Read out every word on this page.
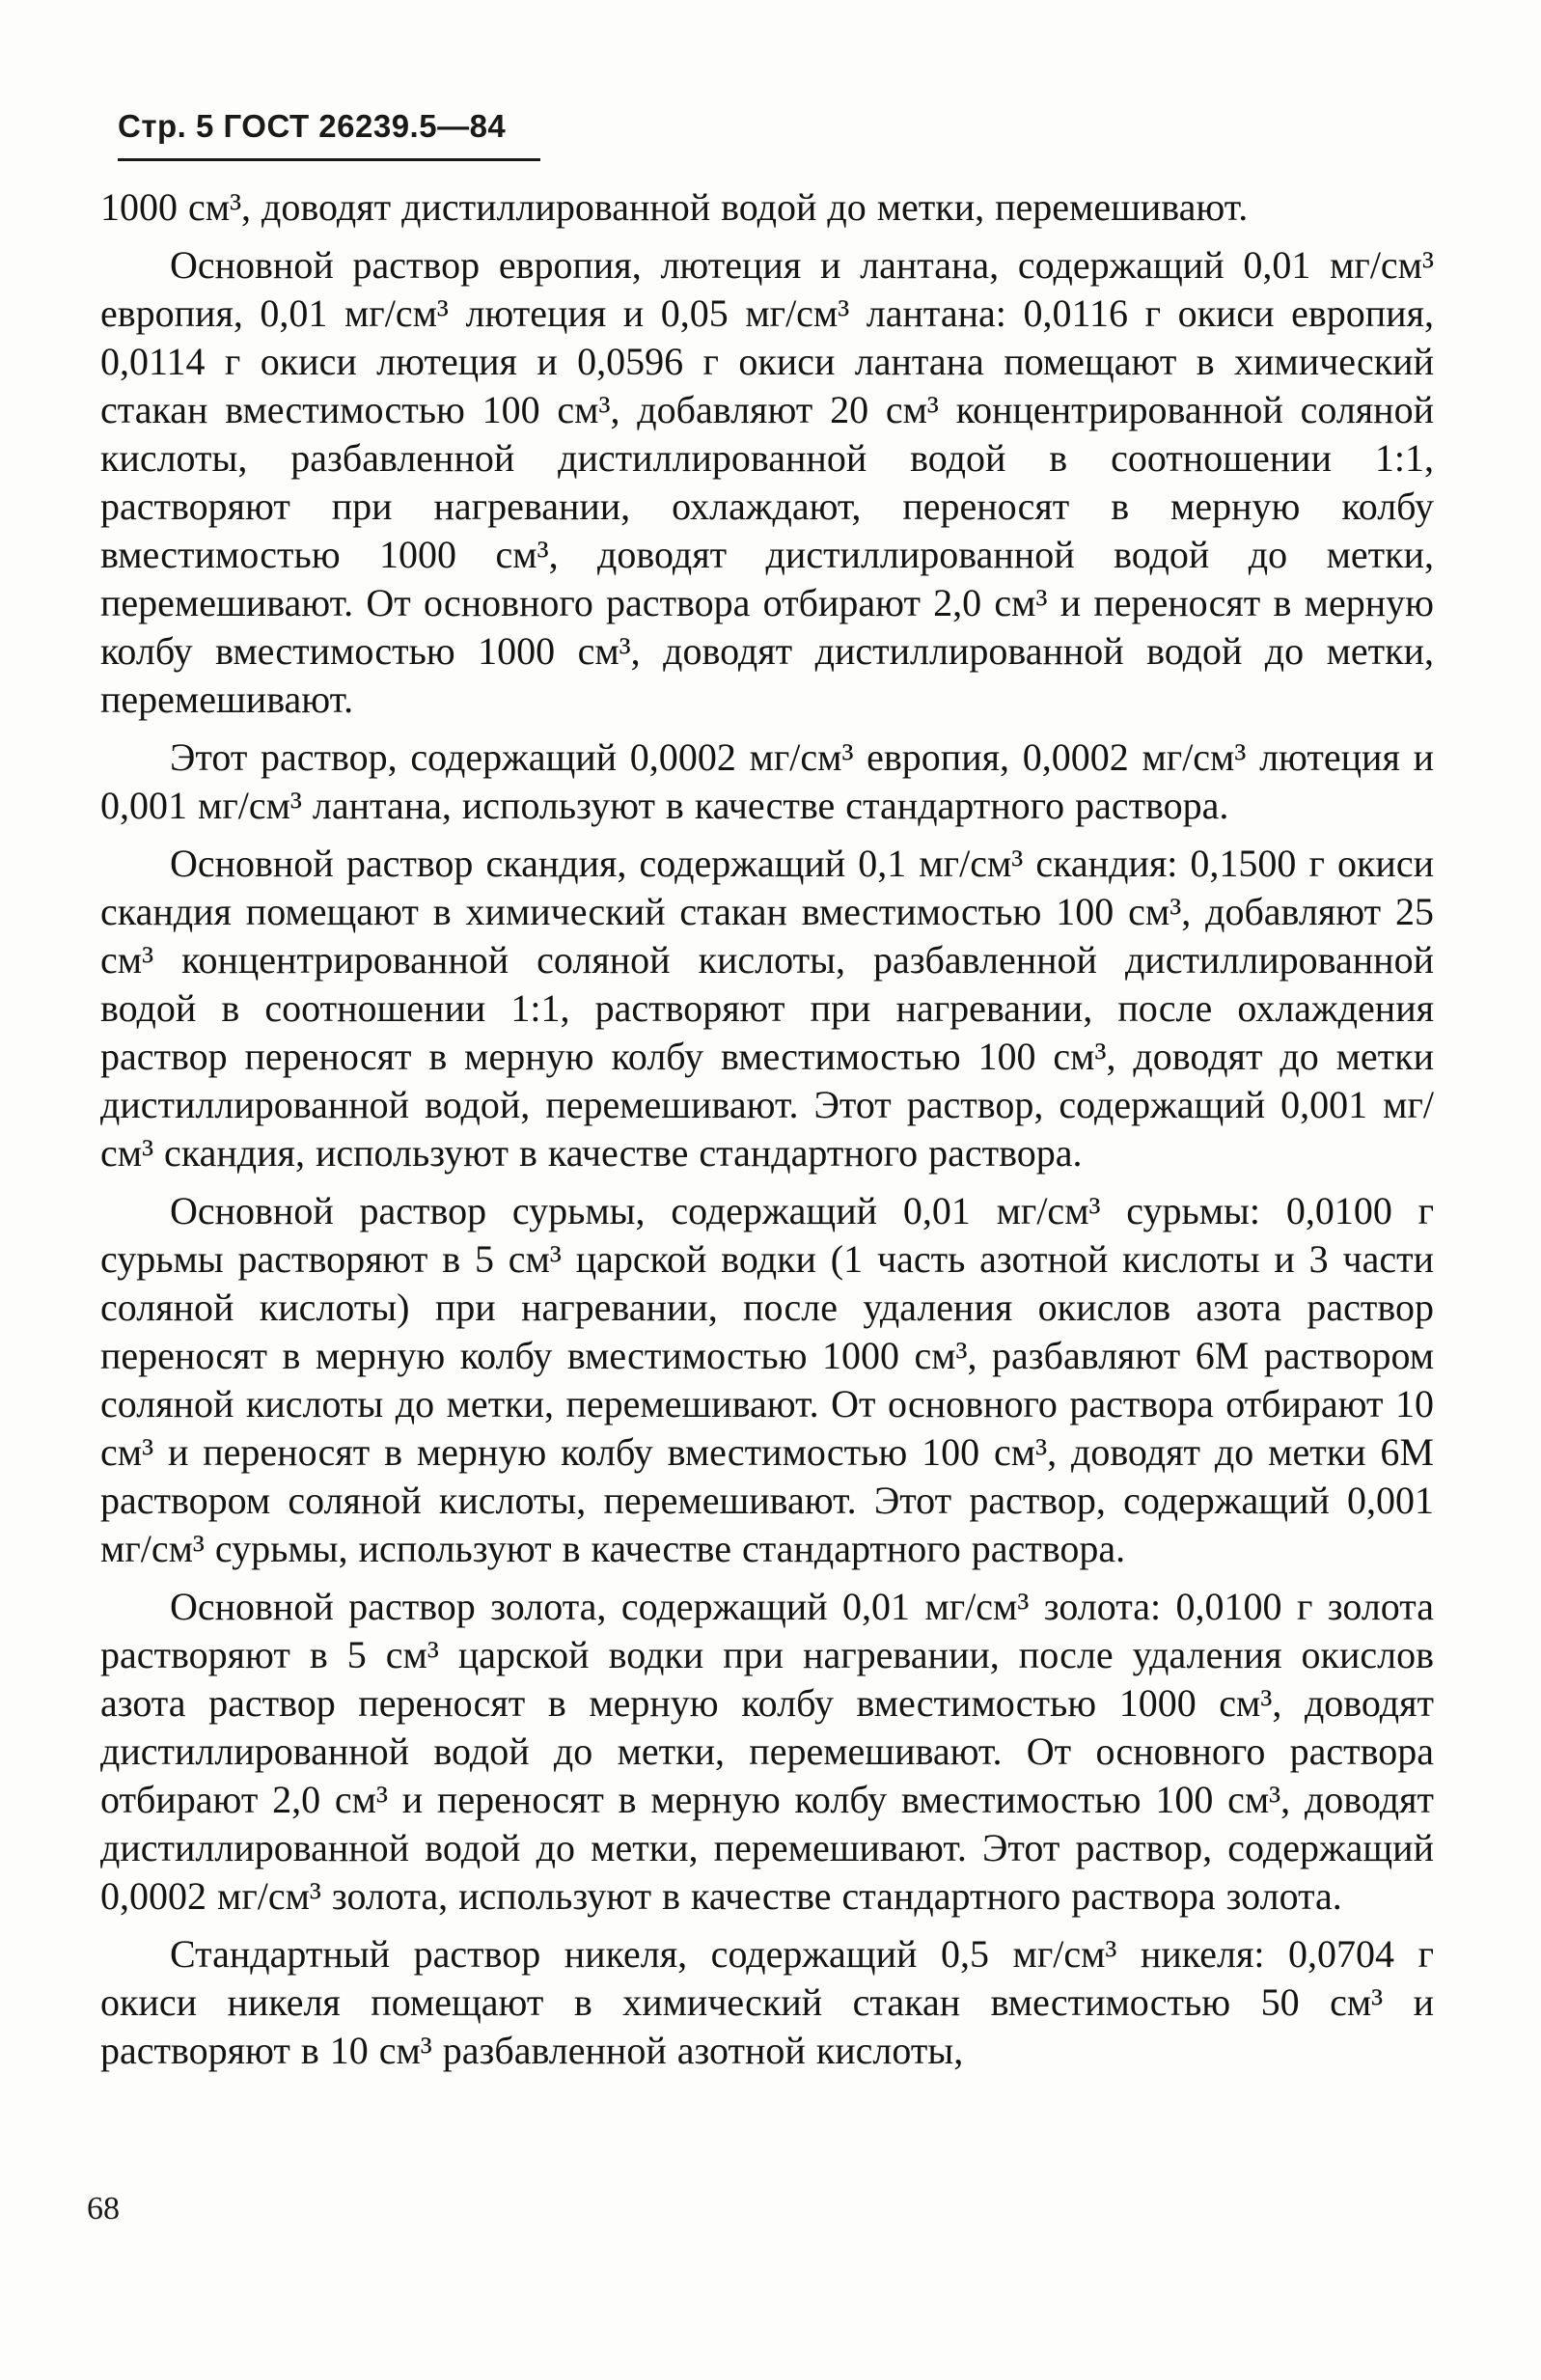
Стр. 5 ГОСТ 26239.5—84

1000 см³, доводят дистиллированной водой до метки, перемешивают.

Основной раствор европия, лютеция и лантана, содержащий 0,01 мг/см³ европия, 0,01 мг/см³ лютеция и 0,05 мг/см³ лантана: 0,0116 г окиси европия, 0,0114 г окиси лютеция и 0,0596 г окиси лантана помещают в химический стакан вместимостью 100 см³, добавляют 20 см³ концентрированной соляной кислоты, разбавленной дистиллированной водой в соотношении 1:1, растворяют при нагревании, охлаждают, переносят в мерную колбу вместимостью 1000 см³, доводят дистиллированной водой до метки, перемешивают. От основного раствора отбирают 2,0 см³ и переносят в мерную колбу вместимостью 1000 см³, доводят дистиллированной водой до метки, перемешивают.

Этот раствор, содержащий 0,0002 мг/см³ европия, 0,0002 мг/см³ лютеция и 0,001 мг/см³ лантана, используют в качестве стандартного раствора.

Основной раствор скандия, содержащий 0,1 мг/см³ скандия: 0,1500 г окиси скандия помещают в химический стакан вместимостью 100 см³, добавляют 25 см³ концентрированной соляной кислоты, разбавленной дистиллированной водой в соотношении 1:1, растворяют при нагревании, после охлаждения раствор переносят в мерную колбу вместимостью 100 см³, доводят до метки дистиллированной водой, перемешивают. Этот раствор, содержащий 0,001 мг/см³ скандия, используют в качестве стандартного раствора.

Основной раствор сурьмы, содержащий 0,01 мг/см³ сурьмы: 0,0100 г сурьмы растворяют в 5 см³ царской водки (1 часть азотной кислоты и 3 части соляной кислоты) при нагревании, после удаления окислов азота раствор переносят в мерную колбу вместимостью 1000 см³, разбавляют 6М раствором соляной кислоты до метки, перемешивают. От основного раствора отбирают 10 см³ и переносят в мерную колбу вместимостью 100 см³, доводят до метки 6М раствором соляной кислоты, перемешивают. Этот раствор, содержащий 0,001 мг/см³ сурьмы, используют в качестве стандартного раствора.

Основной раствор золота, содержащий 0,01 мг/см³ золота: 0,0100 г золота растворяют в 5 см³ царской водки при нагревании, после удаления окислов азота раствор переносят в мерную колбу вместимостью 1000 см³, доводят дистиллированной водой до метки, перемешивают. От основного раствора отбирают 2,0 см³ и переносят в мерную колбу вместимостью 100 см³, доводят дистиллированной водой до метки, перемешивают. Этот раствор, содержащий 0,0002 мг/см³ золота, используют в качестве стандартного раствора золота.

Стандартный раствор никеля, содержащий 0,5 мг/см³ никеля: 0,0704 г окиси никеля помещают в химический стакан вместимостью 50 см³ и растворяют в 10 см³ разбавленной азотной кислоты,

68
